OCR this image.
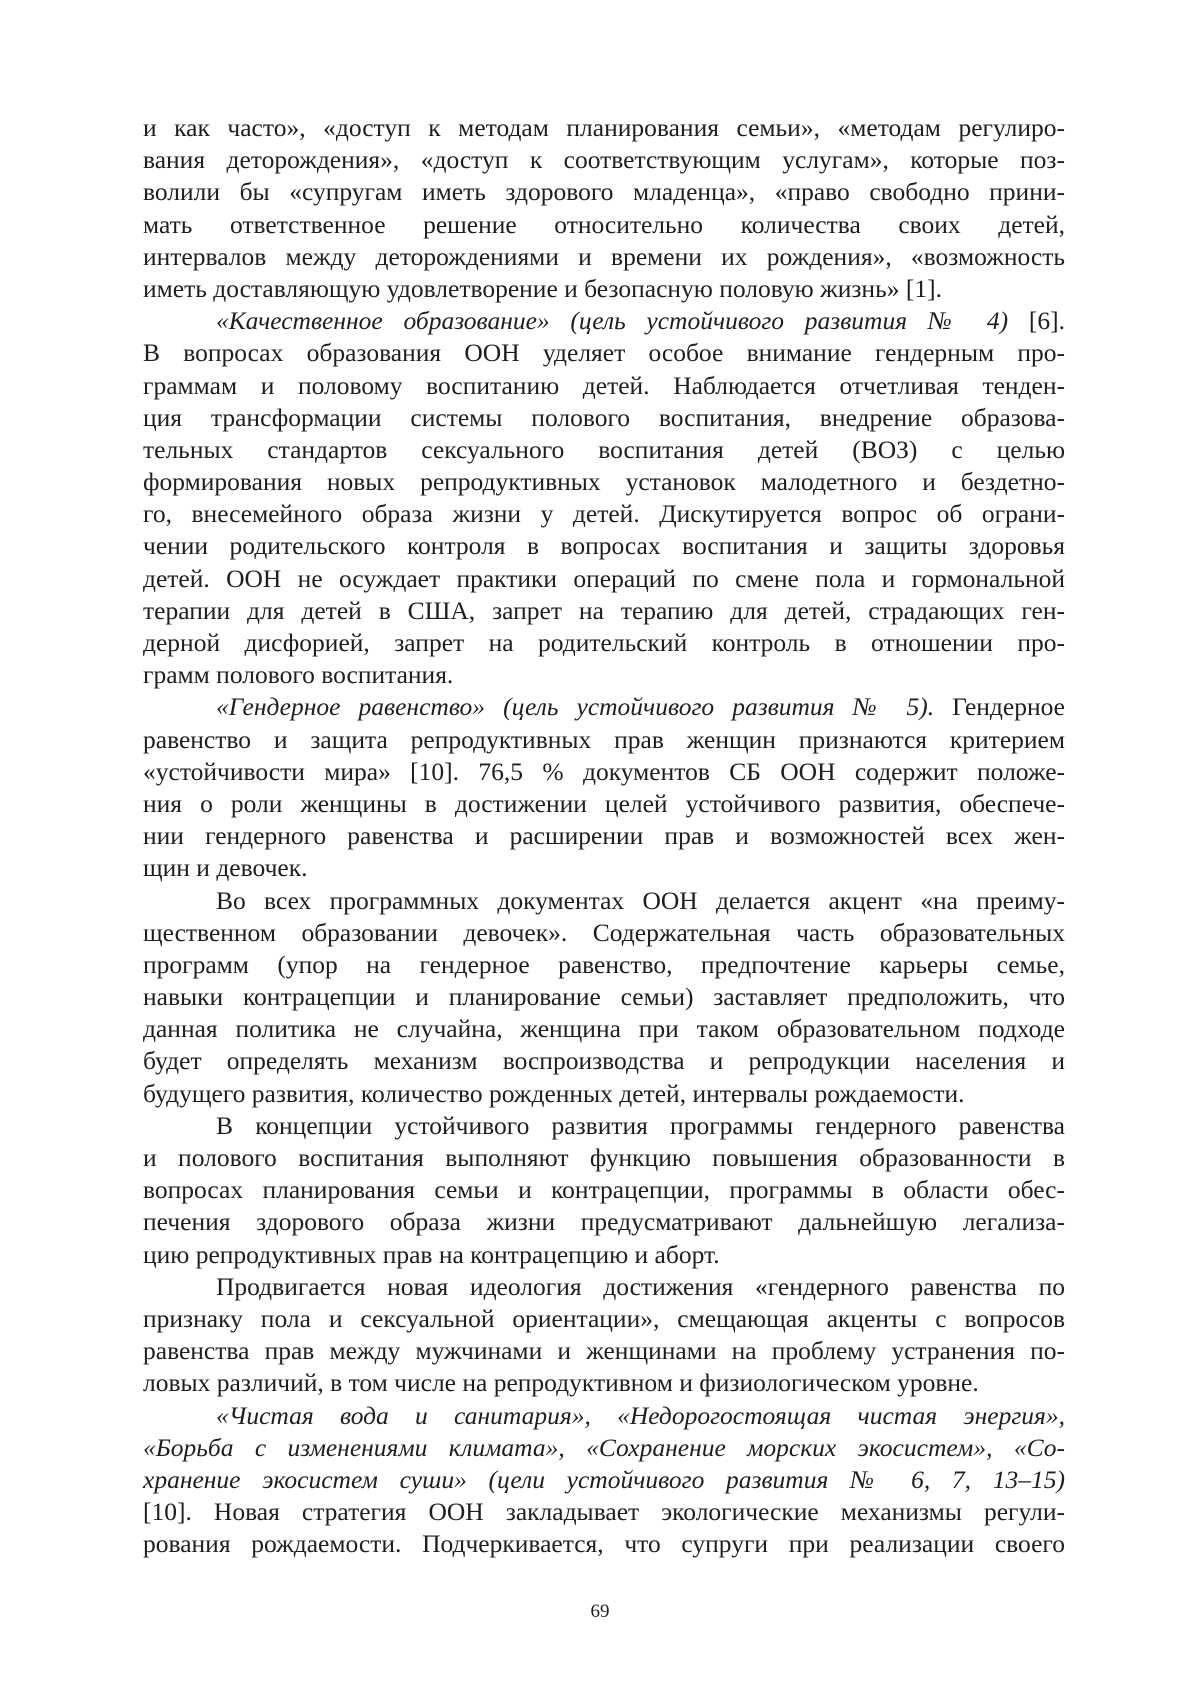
и как часто», «доступ к методам планирования семьи», «методам регулиро-
вания деторождения», «доступ к соответствующим услугам», которые поз-
волили бы «супругам иметь здорового младенца», «право свободно прини-
мать ответственное решение относительно количества своих детей,
интервалов между деторождениями и времени их рождения», «возможность
иметь доставляющую удовлетворение и безопасную половую жизнь» [1].
«Качественное образование» (цель устойчивого развития № 4) [6].
В вопросах образования ООН уделяет особое внимание гендерным про-
граммам и половому воспитанию детей. Наблюдается отчетливая тенден-
ция трансформации системы полового воспитания, внедрение образова-
тельных стандартов сексуального воспитания детей (ВОЗ) с целью
формирования новых репродуктивных установок малодетного и бездетно-
го, внесемейного образа жизни у детей. Дискутируется вопрос об ограни-
чении родительского контроля в вопросах воспитания и защиты здоровья
детей. ООН не осуждает практики операций по смене пола и гормональной
терапии для детей в США, запрет на терапию для детей, страдающих ген-
дерной дисфорией, запрет на родительский контроль в отношении про-
грамм полового воспитания.
«Гендерное равенство» (цель устойчивого развития № 5). Гендерное
равенство и защита репродуктивных прав женщин признаются критерием
«устойчивости мира» [10]. 76,5 % документов СБ ООН содержит положе-
ния о роли женщины в достижении целей устойчивого развития, обеспече-
нии гендерного равенства и расширении прав и возможностей всех жен-
щин и девочек.
Во всех программных документах ООН делается акцент «на преиму-
щественном образовании девочек». Содержательная часть образовательных
программ (упор на гендерное равенство, предпочтение карьеры семье,
навыки контрацепции и планирование семьи) заставляет предположить, что
данная политика не случайна, женщина при таком образовательном подходе
будет определять механизм воспроизводства и репродукции населения и
будущего развития, количество рожденных детей, интервалы рождаемости.
В концепции устойчивого развития программы гендерного равенства
и полового воспитания выполняют функцию повышения образованности в
вопросах планирования семьи и контрацепции, программы в области обес-
печения здорового образа жизни предусматривают дальнейшую легализа-
цию репродуктивных прав на контрацепцию и аборт.
Продвигается новая идеология достижения «гендерного равенства по
признаку пола и сексуальной ориентации», смещающая акценты с вопросов
равенства прав между мужчинами и женщинами на проблему устранения по-
ловых различий, в том числе на репродуктивном и физиологическом уровне.
«Чистая вода и санитария», «Недорогостоящая чистая энергия»,
«Борьба с изменениями климата», «Сохранение морских экосистем», «Со-
хранение экосистем суши» (цели устойчивого развития № 6, 7, 13–15)
[10]. Новая стратегия ООН закладывает экологические механизмы регули-
рования рождаемости. Подчеркивается, что супруги при реализации своего
69
